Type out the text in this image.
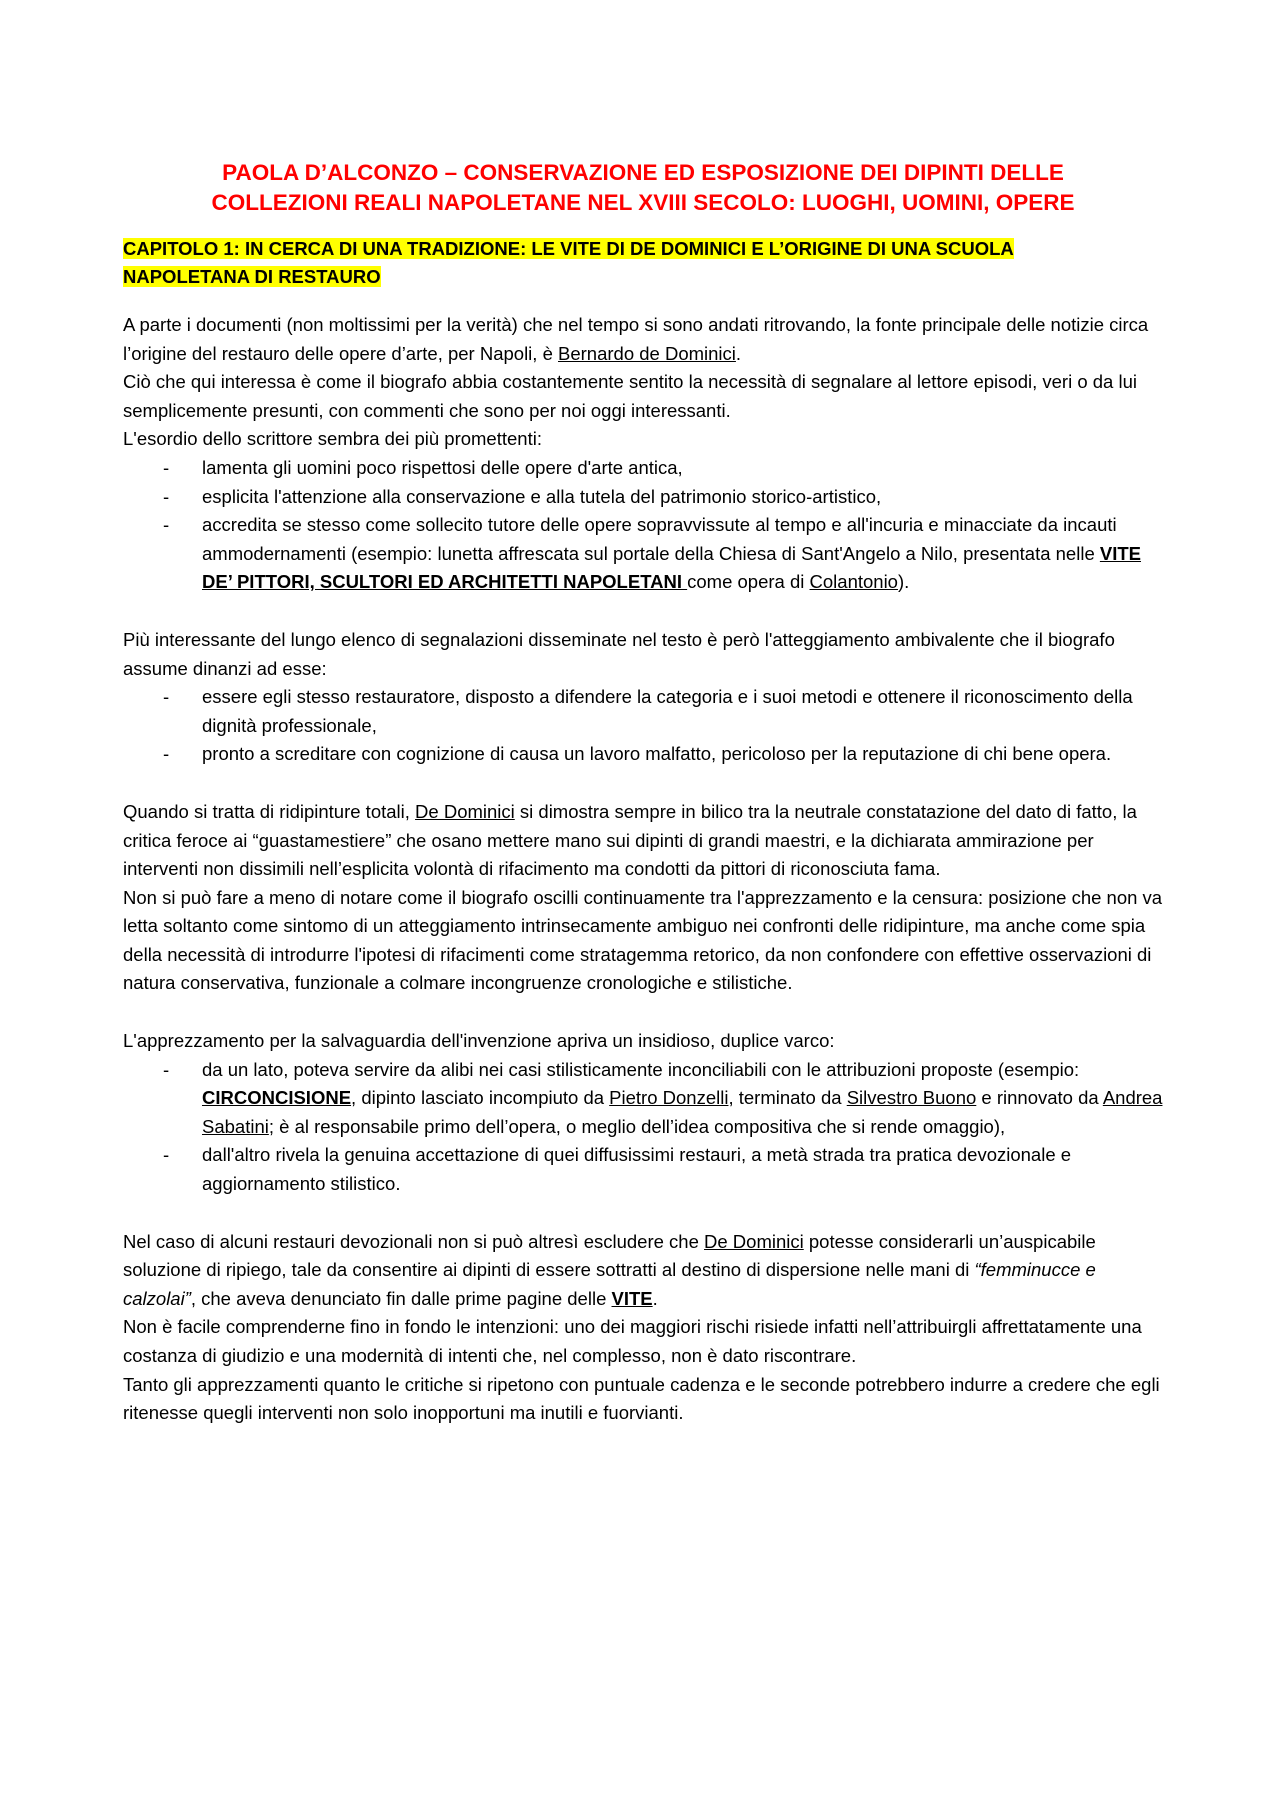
PAOLA D’ALCONZO – CONSERVAZIONE ED ESPOSIZIONE DEI DIPINTI DELLE
COLLEZIONI REALI NAPOLETANE NEL XVIII SECOLO: LUOGHI, UOMINI, OPERE
CAPITOLO 1: IN CERCA DI UNA TRADIZIONE: LE VITE DI DE DOMINICI E L’ORIGINE DI UNA SCUOLA
NAPOLETANA DI RESTAURO

A parte i documenti (non moltissimi per la verità) che nel tempo si sono andati ritrovando, la fonte principale delle notizie circa l’origine del restauro delle opere d’arte, per Napoli, è Bernardo de Dominici.

Ciò che qui interessa è come il biografo abbia costantemente sentito la necessità di segnalare al lettore episodi, veri o da lui semplicemente presunti, con commenti che sono per noi oggi interessanti.

L'esordio dello scrittore sembra dei più promettenti:

- lamenta gli uomini poco rispettosi delle opere d'arte antica,
- esplicita l'attenzione alla conservazione e alla tutela del patrimonio storico-artistico,
- accredita se stesso come sollecito tutore delle opere sopravvissute al tempo e all'incuria e minacciate da incauti ammodernamenti (esempio: lunetta affrescata sul portale della Chiesa di Sant'Angelo a Nilo, presentata nelle VITE DE’ PITTORI, SCULTORI ED ARCHITETTI NAPOLETANI come opera di Colantonio).

Più interessante del lungo elenco di segnalazioni disseminate nel testo è però l'atteggiamento ambivalente che il biografo assume dinanzi ad esse:

- essere egli stesso restauratore, disposto a difendere la categoria e i suoi metodi e ottenere il riconoscimento della dignità professionale,
- pronto a screditare con cognizione di causa un lavoro malfatto, pericoloso per la reputazione di chi bene opera.

Quando si tratta di ridipinture totali, De Dominici si dimostra sempre in bilico tra la neutrale constatazione del dato di fatto, la critica feroce ai “guastamestiere” che osano mettere mano sui dipinti di grandi maestri, e la dichiarata ammirazione per interventi non dissimili nell’esplicita volontà di rifacimento ma condotti da pittori di riconosciuta fama.

Non si può fare a meno di notare come il biografo oscilli continuamente tra l'apprezzamento e la censura: posizione che non va letta soltanto come sintomo di un atteggiamento intrinsecamente ambiguo nei confronti delle ridipinture, ma anche come spia della necessità di introdurre l'ipotesi di rifacimenti come stratagemma retorico, da non confondere con effettive osservazioni di natura conservativa, funzionale a colmare incongruenze cronologiche e stilistiche.

L'apprezzamento per la salvaguardia dell'invenzione apriva un insidioso, duplice varco:

- da un lato, poteva servire da alibi nei casi stilisticamente inconciliabili con le attribuzioni proposte (esempio: CIRCONCISIONE, dipinto lasciato incompiuto da Pietro Donzelli, terminato da Silvestro Buono e rinnovato da Andrea Sabatini; è al responsabile primo dell’opera, o meglio dell’idea compositiva che si rende omaggio),
- dall'altro rivela la genuina accettazione di quei diffusissimi restauri, a metà strada tra pratica devozionale e aggiornamento stilistico.

Nel caso di alcuni restauri devozionali non si può altresì escludere che De Dominici potesse considerarli un’auspicabile soluzione di ripiego, tale da consentire ai dipinti di essere sottratti al destino di dispersione nelle mani di “femminucce e calzolai”, che aveva denunciato fin dalle prime pagine delle VITE.

Non è facile comprenderne fino in fondo le intenzioni: uno dei maggiori rischi risiede infatti nell’attribuirgli affrettatamente una costanza di giudizio e una modernità di intenti che, nel complesso, non è dato riscontrare.

Tanto gli apprezzamenti quanto le critiche si ripetono con puntuale cadenza e le seconde potrebbero indurre a credere che egli ritenesse quegli interventi non solo inopportuni ma inutili e fuorvianti.
